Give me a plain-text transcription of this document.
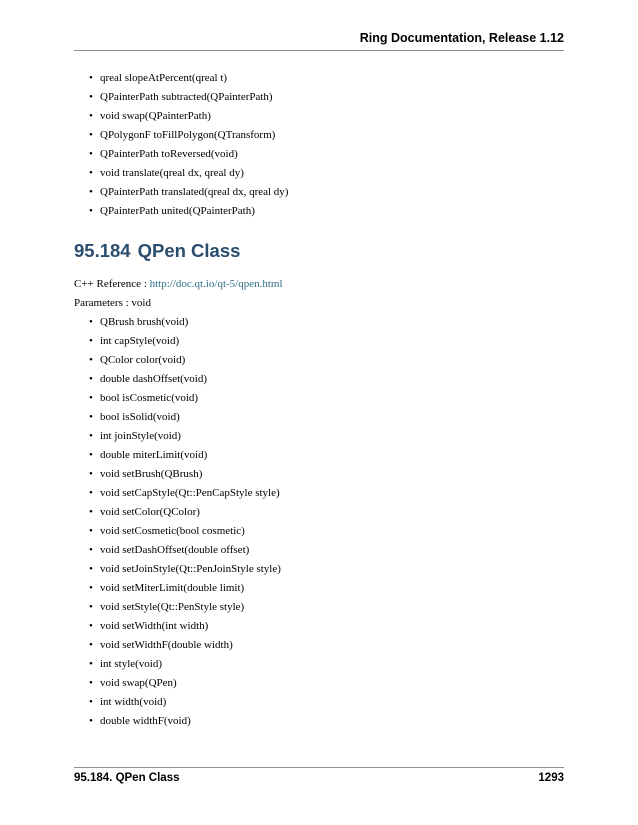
Ring Documentation, Release 1.12
• qreal slopeAtPercent(qreal t)
• QPainterPath subtracted(QPainterPath)
• void swap(QPainterPath)
• QPolygonF toFillPolygon(QTransform)
• QPainterPath toReversed(void)
• void translate(qreal dx, qreal dy)
• QPainterPath translated(qreal dx, qreal dy)
• QPainterPath united(QPainterPath)
95.184 QPen Class

C++ Reference : http://doc.qt.io/qt-5/qpen.html

Parameters : void

• QBrush brush(void)
• int capStyle(void)
• QColor color(void)
• double dashOffset(void)
• bool isCosmetic(void)
• bool isSolid(void)
• int joinStyle(void)
• double miterLimit(void)
• void setBrush(QBrush)
• void setCapStyle(Qt::PenCapStyle style)
• void setColor(QColor)
• void setCosmetic(bool cosmetic)
• void setDashOffset(double offset)
• void setJoinStyle(Qt::PenJoinStyle style)
• void setMiterLimit(double limit)
• void setStyle(Qt::PenStyle style)
• void setWidth(int width)
• void setWidthF(double width)
• int style(void)
• void swap(QPen)
• int width(void)
• double widthF(void)
95.184. QPen Class	1293
